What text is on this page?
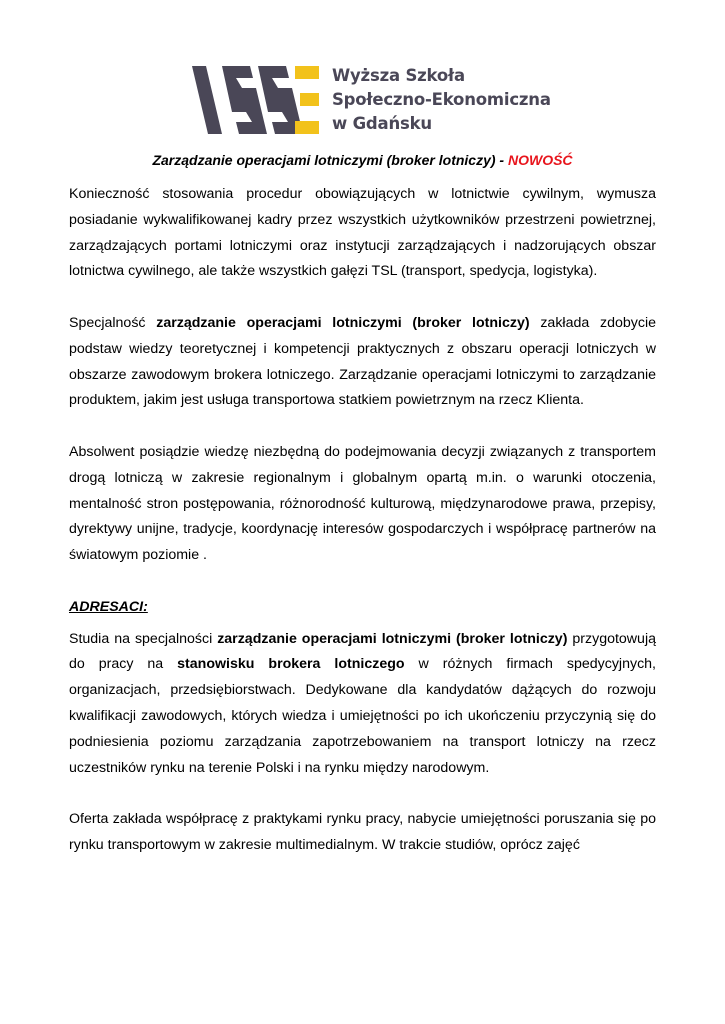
Wyższa Szkoła
Społeczno-Ekonomiczna
w Gdańsku
Zarządzanie operacjami lotniczymi (broker lotniczy) - NOWOŚĆ

Konieczność stosowania procedur obowiązujących w lotnictwie cywilnym, wymusza posiadanie wykwalifikowanej kadry przez wszystkich użytkowników przestrzeni powietrznej, zarządzających portami lotniczymi oraz instytucji zarządzających i nadzorujących obszar lotnictwa cywilnego, ale także wszystkich gałęzi TSL (transport, spedycja, logistyka).

Specjalność zarządzanie operacjami lotniczymi (broker lotniczy) zakłada zdobycie podstaw wiedzy teoretycznej i kompetencji praktycznych z obszaru operacji lotniczych w obszarze zawodowym brokera lotniczego. Zarządzanie operacjami lotniczymi to zarządzanie produktem, jakim jest usługa transportowa statkiem powietrznym na rzecz Klienta.

Absolwent posiądzie wiedzę niezbędną do podejmowania decyzji związanych z transportem drogą lotniczą w zakresie regionalnym i globalnym opartą m.in. o warunki otoczenia, mentalność stron postępowania, różnorodność kulturową, międzynarodowe prawa, przepisy, dyrektywy unijne, tradycje, koordynację interesów gospodarczych i współpracę partnerów na światowym poziomie .

ADRESACI:

Studia na specjalności zarządzanie operacjami lotniczymi (broker lotniczy) przygotowują do pracy na stanowisku brokera lotniczego w różnych firmach spedycyjnych, organizacjach, przedsiębiorstwach. Dedykowane dla kandydatów dążących do rozwoju kwalifikacji zawodowych, których wiedza i umiejętności po ich ukończeniu przyczynią się do podniesienia poziomu zarządzania zapotrzebowaniem na transport lotniczy na rzecz uczestników rynku na terenie Polski i na rynku między narodowym.

Oferta zakłada współpracę z praktykami rynku pracy, nabycie umiejętności poruszania się po rynku transportowym w zakresie multimedialnym. W trakcie studiów, oprócz zajęć
